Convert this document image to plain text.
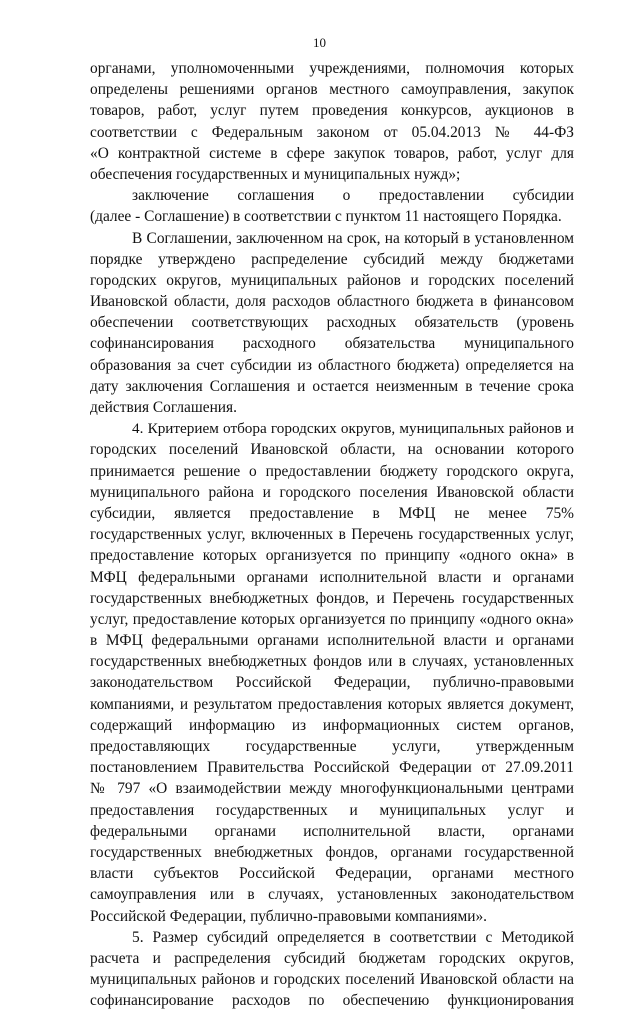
10
органами, уполномоченными учреждениями, полномочия которых
определены решениями органов местного самоуправления, закупок
товаров, работ, услуг путем проведения конкурсов, аукционов в
соответствии с Федеральным законом от 05.04.2013 № 44-ФЗ
«О контрактной системе в сфере закупок товаров, работ, услуг для
обеспечения государственных и муниципальных нужд»;
заключение соглашения о предоставлении субсидии
(далее - Соглашение) в соответствии с пунктом 11 настоящего Порядка.
В Соглашении, заключенном на срок, на который в установленном
порядке утверждено распределение субсидий между бюджетами
городских округов, муниципальных районов и городских поселений
Ивановской области, доля расходов областного бюджета в финансовом
обеспечении соответствующих расходных обязательств (уровень
софинансирования расходного обязательства муниципального
образования за счет субсидии из областного бюджета) определяется на
дату заключения Соглашения и остается неизменным в течение срока
действия Соглашения.
4. Критерием отбора городских округов, муниципальных районов и
городских поселений Ивановской области, на основании которого
принимается решение о предоставлении бюджету городского округа,
муниципального района и городского поселения Ивановской области
субсидии, является предоставление в МФЦ не менее 75%
государственных услуг, включенных в Перечень государственных услуг,
предоставление которых организуется по принципу «одного окна» в
МФЦ федеральными органами исполнительной власти и органами
государственных внебюджетных фондов, и Перечень государственных
услуг, предоставление которых организуется по принципу «одного окна»
в МФЦ федеральными органами исполнительной власти и органами
государственных внебюджетных фондов или в случаях, установленных
законодательством Российской Федерации, публично-правовыми
компаниями, и результатом предоставления которых является документ,
содержащий информацию из информационных систем органов,
предоставляющих государственные услуги, утвержденным
постановлением Правительства Российской Федерации от 27.09.2011
№ 797 «О взаимодействии между многофункциональными центрами
предоставления государственных и муниципальных услуг и
федеральными органами исполнительной власти, органами
государственных внебюджетных фондов, органами государственной
власти субъектов Российской Федерации, органами местного
самоуправления или в случаях, установленных законодательством
Российской Федерации, публично-правовыми компаниями».
5. Размер субсидий определяется в соответствии с Методикой
расчета и распределения субсидий бюджетам городских округов,
муниципальных районов и городских поселений Ивановской области на
софинансирование расходов по обеспечению функционирования
